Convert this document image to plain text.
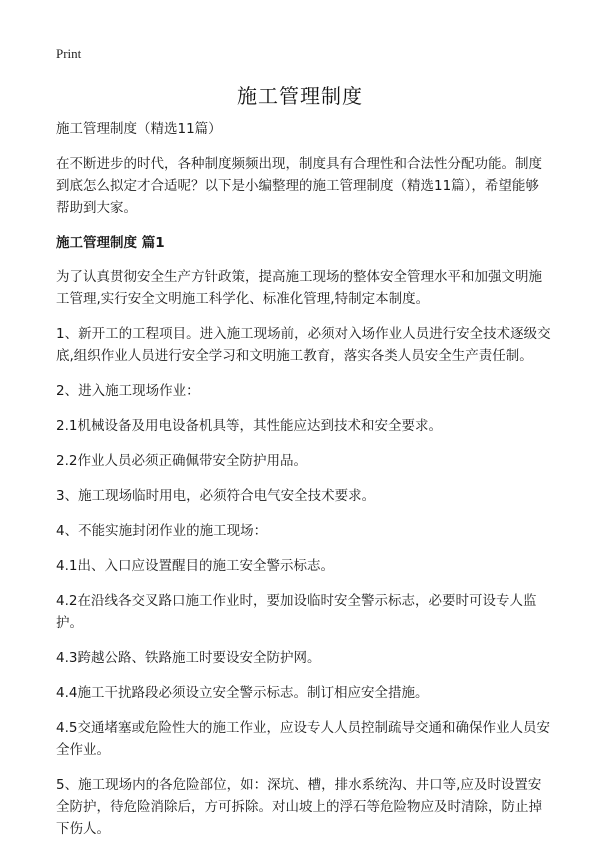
Print
施工管理制度

施工管理制度（精选11篇）

在不断进步的时代，各种制度频频出现，制度具有合理性和合法性分配功能。制度到底怎么拟定才合适呢？以下是小编整理的施工管理制度（精选11篇），希望能够帮助到大家。

施工管理制度 篇1

为了认真贯彻安全生产方针政策，提高施工现场的整体安全管理水平和加强文明施工管理,实行安全文明施工科学化、标准化管理,特制定本制度。

1、新开工的工程项目。进入施工现场前，必须对入场作业人员进行安全技术逐级交底,组织作业人员进行安全学习和文明施工教育，落实各类人员安全生产责任制。

2、进入施工现场作业：

2.1机械设备及用电设备机具等，其性能应达到技术和安全要求。

2.2作业人员必须正确佩带安全防护用品。

3、施工现场临时用电，必须符合电气安全技术要求。

4、不能实施封闭作业的施工现场：

4.1出、入口应设置醒目的施工安全警示标志。

4.2在沿线各交叉路口施工作业时，要加设临时安全警示标志，必要时可设专人监护。

4.3跨越公路、铁路施工时要设安全防护网。

4.4施工干扰路段必须设立安全警示标志。制订相应安全措施。

4.5交通堵塞或危险性大的施工作业，应设专人人员控制疏导交通和确保作业人员安全作业。

5、施工现场内的各危险部位，如：深坑、槽，排水系统沟、井口等,应及时设置安全防护，待危险消除后，方可拆除。对山坡上的浮石等危险物应及时清除，防止掉下伤人。
